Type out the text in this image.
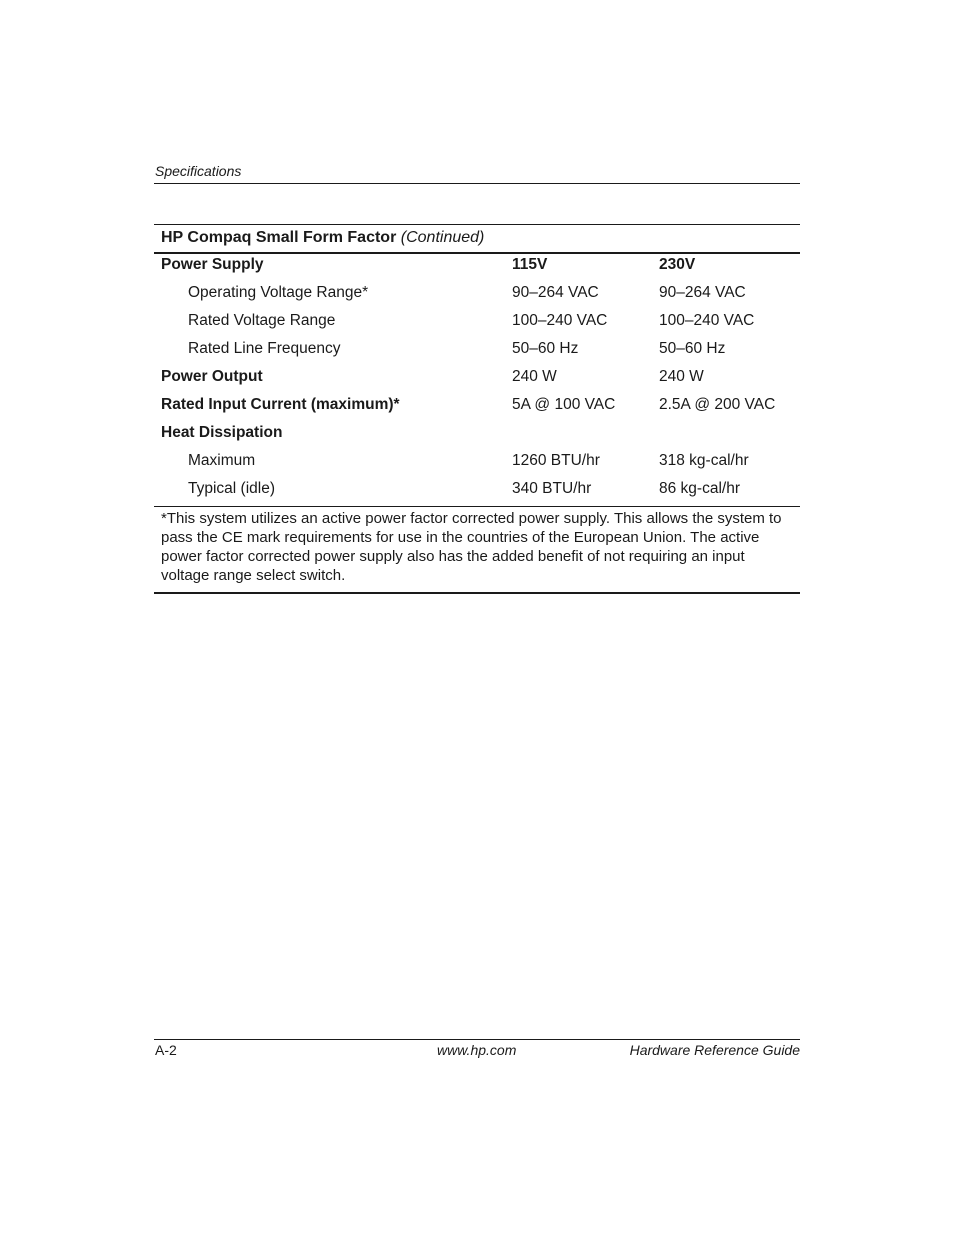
Specifications
HP Compaq Small Form Factor (Continued)
Power Supply	115V	230V
Operating Voltage Range*	90–264 VAC	90–264 VAC
Rated Voltage Range	100–240 VAC	100–240 VAC
Rated Line Frequency	50–60 Hz	50–60 Hz
Power Output	240 W	240 W
Rated Input Current (maximum)*	5A @ 100 VAC	2.5A @ 200 VAC
Heat Dissipation
Maximum	1260 BTU/hr	318 kg-cal/hr
Typical (idle)	340 BTU/hr	86 kg-cal/hr
*This system utilizes an active power factor corrected power supply. This allows the system to pass the CE mark requirements for use in the countries of the European Union. The active power factor corrected power supply also has the added benefit of not requiring an input voltage range select switch.
A-2	www.hp.com	Hardware Reference Guide
